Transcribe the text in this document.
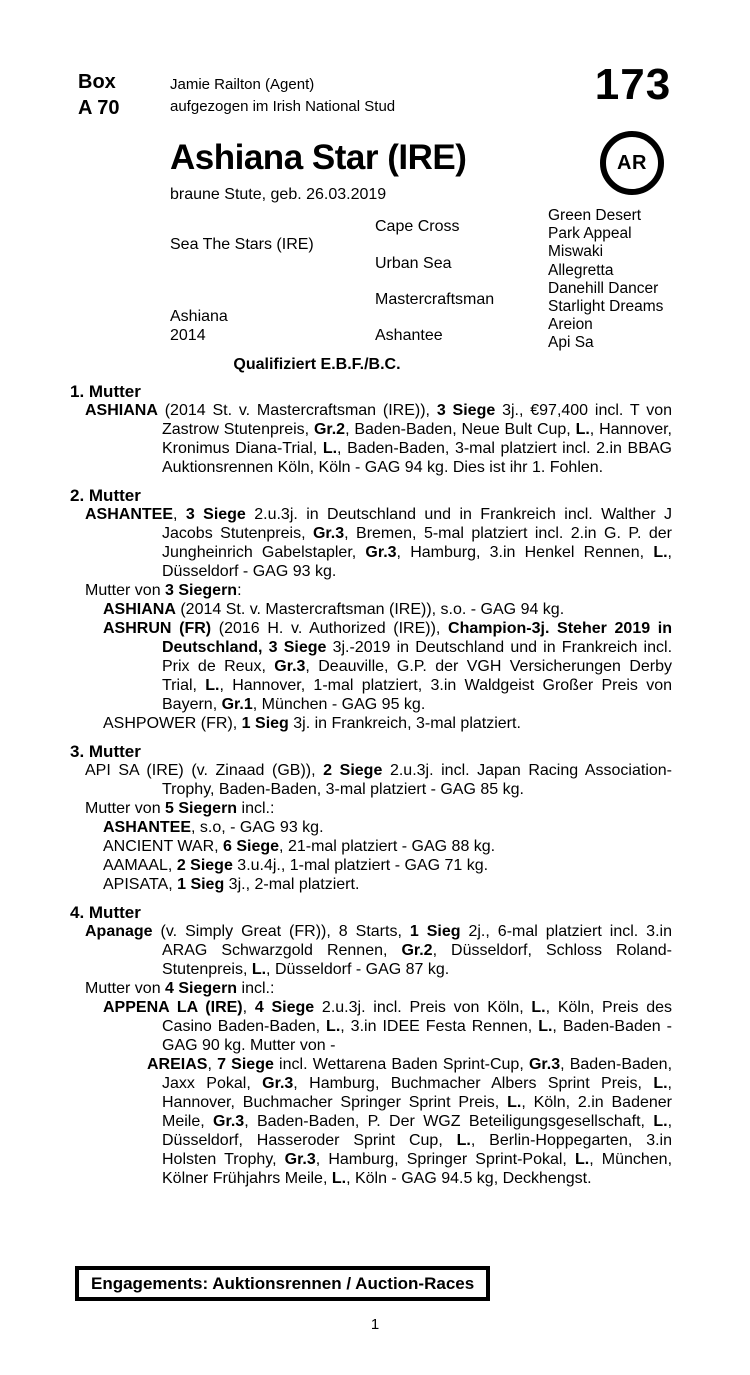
Box
A 70
Jamie Railton (Agent)
aufgezogen im Irish National Stud	173
Ashiana Star (IRE)
braune Stute, geb. 26.03.2019
AR
Sea The Stars (IRE)
Ashiana
2014
Cape Cross
Urban Sea
Mastercraftsman
Ashantee
Green Desert
Park Appeal
Miswaki
Allegretta
Danehill Dancer
Starlight Dreams
Areion
Api Sa
Qualifiziert E.B.F./B.C.
1. Mutter

ASHIANA (2014 St. v. Mastercraftsman (IRE)), 3 Siege 3j., €97,400 incl. T von Zastrow Stutenpreis, Gr.2, Baden-Baden, Neue Bult Cup, L., Hannover, Kronimus Diana-Trial, L., Baden-Baden, 3-mal platziert incl. 2.in BBAG Auktionsrennen Köln, Köln - GAG 94 kg. Dies ist ihr 1. Fohlen.

2. Mutter

ASHANTEE, 3 Siege 2.u.3j. in Deutschland und in Frankreich incl. Walther J Jacobs Stutenpreis, Gr.3, Bremen, 5-mal platziert incl. 2.in G. P. der Jungheinrich Gabelstapler, Gr.3, Hamburg, 3.in Henkel Rennen, L., Düsseldorf - GAG 93 kg.

Mutter von 3 Siegern:

ASHIANA (2014 St. v. Mastercraftsman (IRE)), s.o. - GAG 94 kg.

ASHRUN (FR) (2016 H. v. Authorized (IRE)), Champion-3j. Steher 2019 in Deutschland, 3 Siege 3j.-2019 in Deutschland und in Frankreich incl. Prix de Reux, Gr.3, Deauville, G.P. der VGH Versicherungen Derby Trial, L., Hannover, 1-mal platziert, 3.in Waldgeist Großer Preis von Bayern, Gr.1, München - GAG 95 kg.

ASHPOWER (FR), 1 Sieg 3j. in Frankreich, 3-mal platziert.

3. Mutter

API SA (IRE) (v. Zinaad (GB)), 2 Siege 2.u.3j. incl. Japan Racing Association-Trophy, Baden-Baden, 3-mal platziert - GAG 85 kg.

Mutter von 5 Siegern incl.:

ASHANTEE, s.o, - GAG 93 kg.

ANCIENT WAR, 6 Siege, 21-mal platziert - GAG 88 kg.

AAMAAL, 2 Siege 3.u.4j., 1-mal platziert - GAG 71 kg.

APISATA, 1 Sieg 3j., 2-mal platziert.

4. Mutter

Apanage (v. Simply Great (FR)), 8 Starts, 1 Sieg 2j., 6-mal platziert incl. 3.in ARAG Schwarzgold Rennen, Gr.2, Düsseldorf, Schloss Roland-Stutenpreis, L., Düsseldorf - GAG 87 kg.

Mutter von 4 Siegern incl.:

APPENA LA (IRE), 4 Siege 2.u.3j. incl. Preis von Köln, L., Köln, Preis des Casino Baden-Baden, L., 3.in IDEE Festa Rennen, L., Baden-Baden - GAG 90 kg. Mutter von -

AREIAS, 7 Siege incl. Wettarena Baden Sprint-Cup, Gr.3, Baden-Baden, Jaxx Pokal, Gr.3, Hamburg, Buchmacher Albers Sprint Preis, L., Hannover, Buchmacher Springer Sprint Preis, L., Köln, 2.in Badener Meile, Gr.3, Baden-Baden, P. Der WGZ Beteiligungsgesellschaft, L., Düsseldorf, Hasseroder Sprint Cup, L., Berlin-Hoppegarten, 3.in Holsten Trophy, Gr.3, Hamburg, Springer Sprint-Pokal, L., München, Kölner Frühjahrs Meile, L., Köln - GAG 94.5 kg, Deckhengst.

Engagements: Auktionsrennen / Auction-Races
1
